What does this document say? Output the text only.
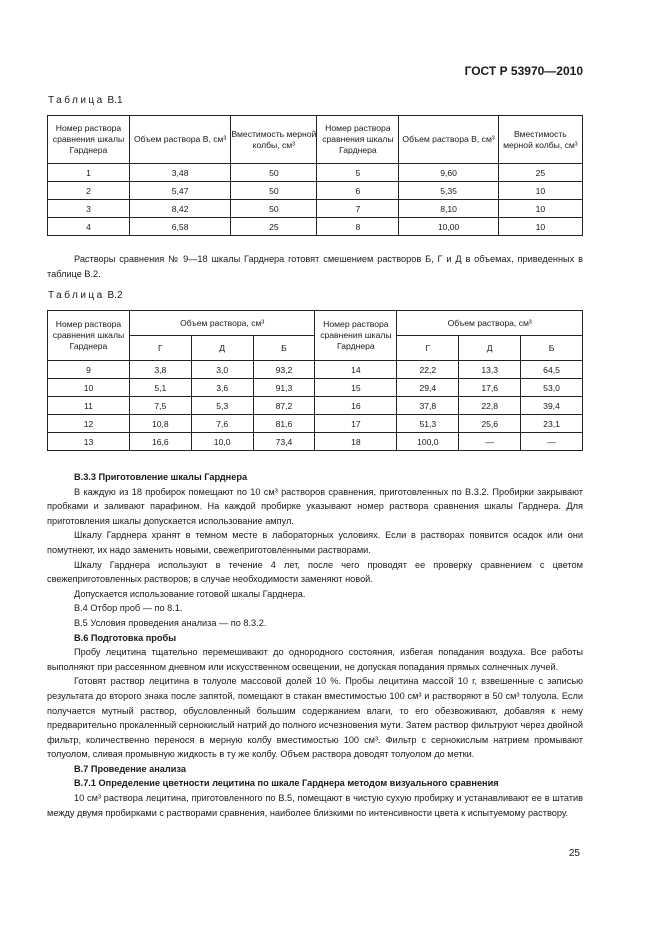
ГОСТ Р 53970—2010
Таблица В.1
Номер раствора сравнения шкалы Гарднера	Объем раствора В, см³	Вместимость мерной колбы, см³	Номер раствора сравнения шкалы Гарднера	Объем раствора В, см³	Вместимость мерной колбы, см³
1	3,48	50	5	9,60	25
2	5,47	50	6	5,35	10
3	8,42	50	7	8,10	10
4	6,58	25	8	10,00	10

Растворы сравнения № 9—18 шкалы Гарднера готовят смешением растворов Б, Г и Д в объемах, приведенных в таблице В.2.

Таблица В.2
Номер раствора сравнения шкалы Гарднера	Объем раствора, см³			Номер раствора сравнения шкалы Гарднера	Объем раствора, см³		
	Г	Д	Б		Г	Д	Б
9	3,8	3,0	93,2	14	22,2	13,3	64,5
10	5,1	3,6	91,3	15	29,4	17,6	53,0
11	7,5	5,3	87,2	16	37,8	22,8	39,4
12	10,8	7,6	81,6	17	51,3	25,6	23,1
13	16,6	10,0	73,4	18	100,0	—	—

В.3.3 Приготовление шкалы Гарднера

В каждую из 18 пробирок помещают по 10 см³ растворов сравнения, приготовленных по В.3.2. Пробирки закрывают пробками и заливают парафином. На каждой пробирке указывают номер раствора сравнения шкалы Гарднера. Для приготовления шкалы допускается использование ампул.

Шкалу Гарднера хранят в темном месте в лабораторных условиях. Если в растворах появится осадок или они помутнеют, их надо заменить новыми, свежеприготовленными растворами.

Шкалу Гарднера используют в течение 4 лет, после чего проводят ее проверку сравнением с цветом свежеприготовленных растворов; в случае необходимости заменяют новой.

Допускается использование готовой шкалы Гарднера.

В.4 Отбор проб — по 8.1.

В.5 Условия проведения анализа — по 8.3.2.

В.6 Подготовка пробы

Пробу лецитина тщательно перемешивают до однородного состояния, избегая попадания воздуха. Все работы выполняют при рассеянном дневном или искусственном освещении, не допуская попадания прямых солнечных лучей.

Готовят раствор лецитина в толуоле массовой долей 10 %. Пробы лецитина массой 10 г, взвешенные с записью результата до второго знака после запятой, помещают в стакан вместимостью 100 см³ и растворяют в 50 см³ толуола. Если получается мутный раствор, обусловленный большим содержанием влаги, то его обезвоживают, добавляя к нему предварительно прокаленный сернокислый натрий до полного исчезновения мути. Затем раствор фильтруют через двойной фильтр, количественно перенося в мерную колбу вместимостью 100 см³. Фильтр с сернокислым натрием промывают толуолом, сливая промывную жидкость в ту же колбу. Объем раствора доводят толуолом до метки.

В.7 Проведение анализа

В.7.1 Определение цветности лецитина по шкале Гарднера методом визуального сравнения

10 см³ раствора лецитина, приготовленного по В.5, помещают в чистую сухую пробирку и устанавливают ее в штатив между двумя пробирками с растворами сравнения, наиболее близкими по интенсивности цвета к испытуемому раствору.

25
